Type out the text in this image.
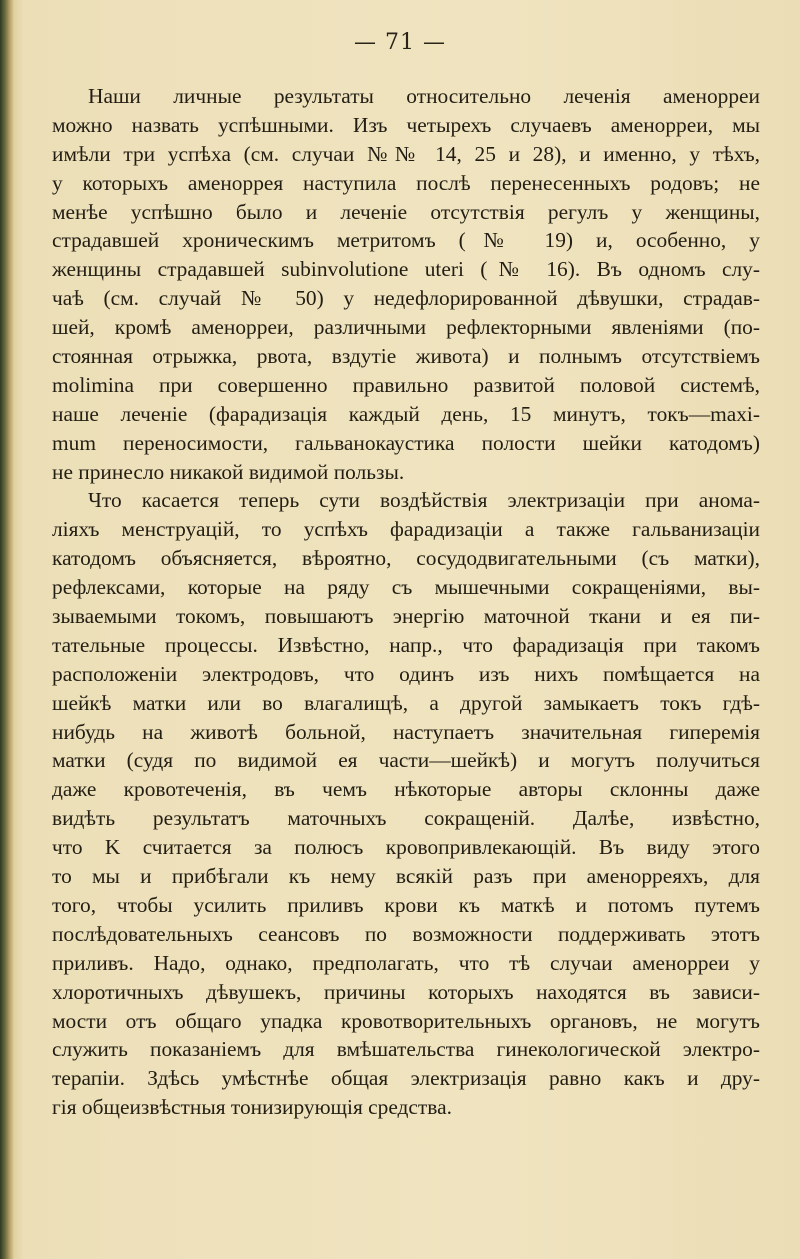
— 71 —
Наши личные результаты относительно леченія аменорреи
можно назвать успѣшными. Изъ четырехъ случаевъ аменорреи, мы
имѣли три успѣха (см. случаи №№ 14, 25 и 28), и именно, у тѣхъ,
у которыхъ аменоррея наступила послѣ перенесенныхъ родовъ; не
менѣе успѣшно было и леченіе отсутствія регулъ у женщины,
страдавшей хроническимъ метритомъ (№ 19) и, особенно, у
женщины страдавшей subinvolutione uteri (№ 16). Въ одномъ слу-
чаѣ (см. случай № 50) у недефлорированной дѣвушки, страдав-
шей, кромѣ аменорреи, различными рефлекторными явленіями (по-
стоянная отрыжка, рвота, вздутіе живота) и полнымъ отсутствіемъ
molimina при совершенно правильно развитой половой системѣ,
наше леченіе (фарадизація каждый день, 15 минутъ, токъ—maxi-
mum переносимости, гальванокаустика полости шейки катодомъ)
не принесло никакой видимой пользы.
Что касается теперь сути воздѣйствія электризаціи при анома-
ліяхъ менструацій, то успѣхъ фарадизаціи а также гальванизаціи
катодомъ объясняется, вѣроятно, сосудодвигательными (съ матки),
рефлексами, которые на ряду съ мышечными сокращеніями, вы-
зываемыми токомъ, повышаютъ энергію маточной ткани и ея пи-
тательные процессы. Извѣстно, напр., что фарадизація при такомъ
расположеніи электродовъ, что одинъ изъ нихъ помѣщается на
шейкѣ матки или во влагалищѣ, а другой замыкаетъ токъ гдѣ-
нибудь на животѣ больной, наступаетъ значительная гиперемія
матки (судя по видимой ея части—шейкѣ) и могутъ получиться
даже кровотеченія, въ чемъ нѣкоторые авторы склонны даже
видѣть результатъ маточныхъ сокращеній. Далѣе, извѣстно,
что K считается за полюсъ кровопривлекающій. Въ виду этого
то мы и прибѣгали къ нему всякій разъ при аменорреяхъ, для
того, чтобы усилить приливъ крови къ маткѣ и потомъ путемъ
послѣдовательныхъ сеансовъ по возможности поддерживать этотъ
приливъ. Надо, однако, предполагать, что тѣ случаи аменорреи у
хлоротичныхъ дѣвушекъ, причины которыхъ находятся въ зависи-
мости отъ общаго упадка кровотворительныхъ органовъ, не могутъ
служить показаніемъ для вмѣшательства гинекологической электро-
терапіи. Здѣсь умѣстнѣе общая электризація равно какъ и дру-
гія общеизвѣстныя тонизирующія средства.
